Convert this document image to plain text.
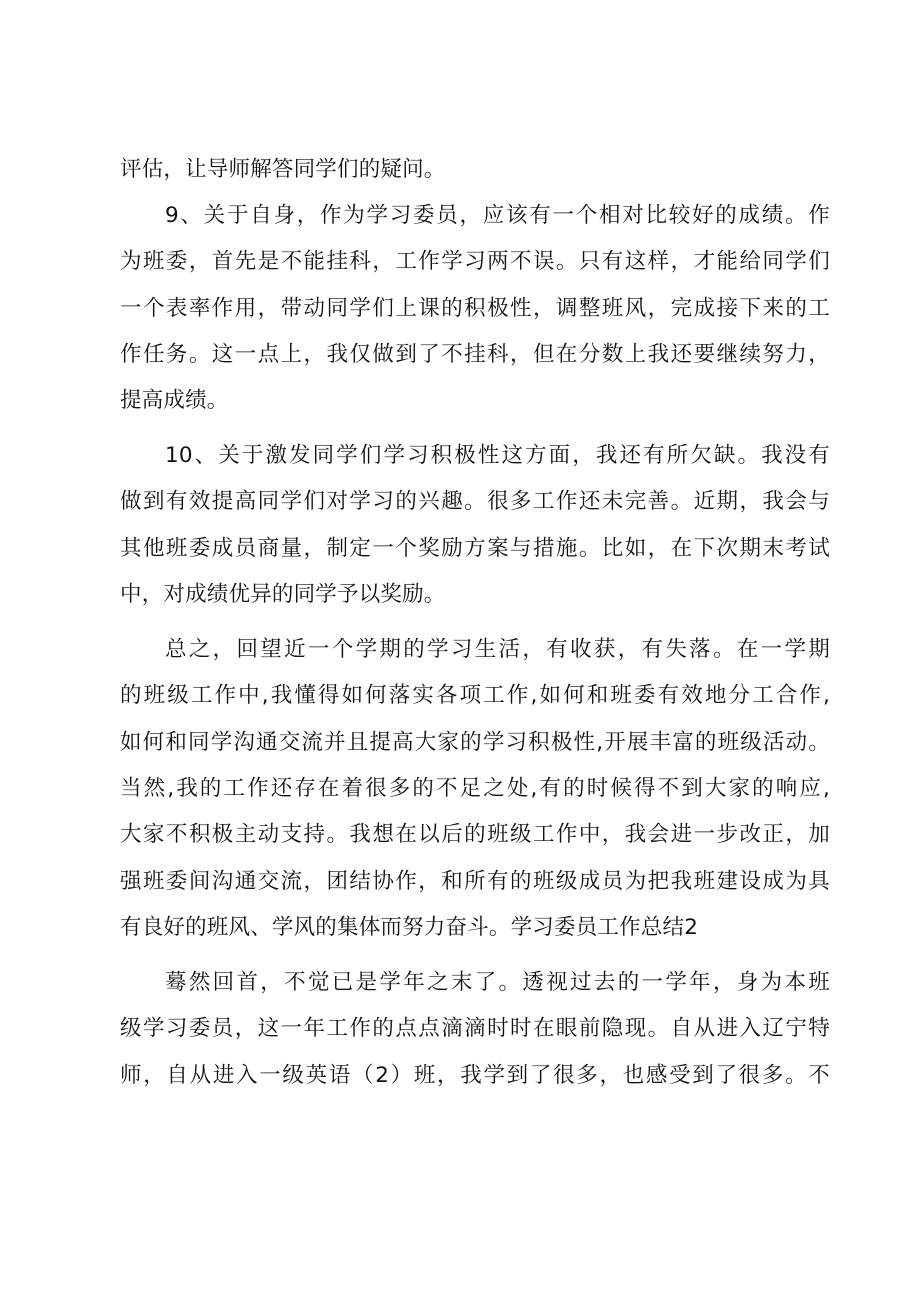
评估，让导师解答同学们的疑问。
9、关于自身，作为学习委员，应该有一个相对比较好的成绩。作
为班委，首先是不能挂科，工作学习两不误。只有这样，才能给同学们
一个表率作用，带动同学们上课的积极性，调整班风，完成接下来的工
作任务。这一点上，我仅做到了不挂科，但在分数上我还要继续努力，
提高成绩。
10、关于激发同学们学习积极性这方面，我还有所欠缺。我没有
做到有效提高同学们对学习的兴趣。很多工作还未完善。近期，我会与
其他班委成员商量，制定一个奖励方案与措施。比如，在下次期末考试
中，对成绩优异的同学予以奖励。
总之，回望近一个学期的学习生活，有收获，有失落。在一学期
的班级工作中,我懂得如何落实各项工作,如何和班委有效地分工合作,
如何和同学沟通交流并且提高大家的学习积极性,开展丰富的班级活动。
当然,我的工作还存在着很多的不足之处,有的时候得不到大家的响应,
大家不积极主动支持。我想在以后的班级工作中，我会进一步改正，加
强班委间沟通交流，团结协作，和所有的班级成员为把我班建设成为具
有良好的班风、学风的集体而努力奋斗。学习委员工作总结2
蓦然回首，不觉已是学年之末了。透视过去的一学年，身为本班
级学习委员，这一年工作的点点滴滴时时在眼前隐现。自从进入辽宁特
师，自从进入一级英语（2）班，我学到了很多，也感受到了很多。不
